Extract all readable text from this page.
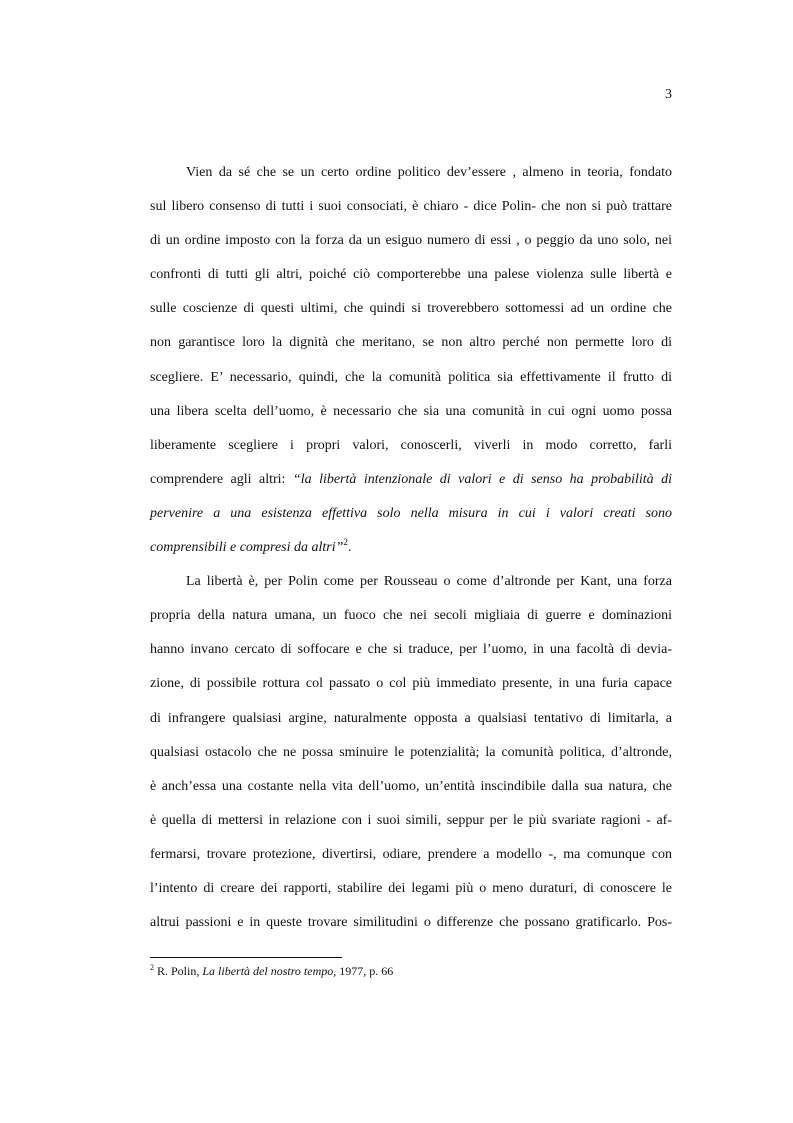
3

Vien da sé che se un certo ordine politico dev’essere , almeno in teoria, fondato

sul libero consenso di tutti i suoi consociati, è chiaro - dice Polin- che non si può trattare

di un ordine imposto con la forza da un esiguo numero di essi , o peggio da uno solo, nei

confronti di tutti gli altri, poiché ciò comporterebbe una palese violenza sulle libertà e

sulle coscienze di questi ultimi, che quindi si troverebbero sottomessi ad un ordine che

non garantisce loro la dignità che meritano, se non altro perché non permette loro di

scegliere. E’ necessario, quindi, che la comunità politica sia effettivamente il frutto di

una libera scelta dell’uomo, è necessario che sia una comunità in cui ogni uomo possa

liberamente scegliere i propri valori, conoscerli, viverli in modo corretto, farli

comprendere agli altri: “la libertà intenzionale di valori e di senso ha probabilità di

pervenire a una esistenza effettiva solo nella misura in cui i valori creati sono

comprensibili e compresi da altri”$^2$.

La libertà è, per Polin come per Rousseau o come d’altronde per Kant, una forza

propria della natura umana, un fuoco che nei secoli migliaia di guerre e dominazioni

hanno invano cercato di soffocare e che si traduce, per l’uomo, in una facoltà di devia-

zione, di possibile rottura col passato o col più immediato presente, in una furia capace

di infrangere qualsiasi argine, naturalmente opposta a qualsiasi tentativo di limitarla, a

qualsiasi ostacolo che ne possa sminuire le potenzialità; la comunità politica, d’altronde,

è anch’essa una costante nella vita dell’uomo, un’entità inscindibile dalla sua natura, che

è quella di mettersi in relazione con i suoi simili, seppur per le più svariate ragioni - af-

fermarsi, trovare protezione, divertirsi, odiare, prendere a modello -, ma comunque con

l’intento di creare dei rapporti, stabilire dei legami più o meno duraturi, di conoscere le

altrui passioni e in queste trovare similitudini o differenze che possano gratificarlo. Pos-

$^2$ R. Polin, La libertà del nostro tempo, 1977, p. 66
